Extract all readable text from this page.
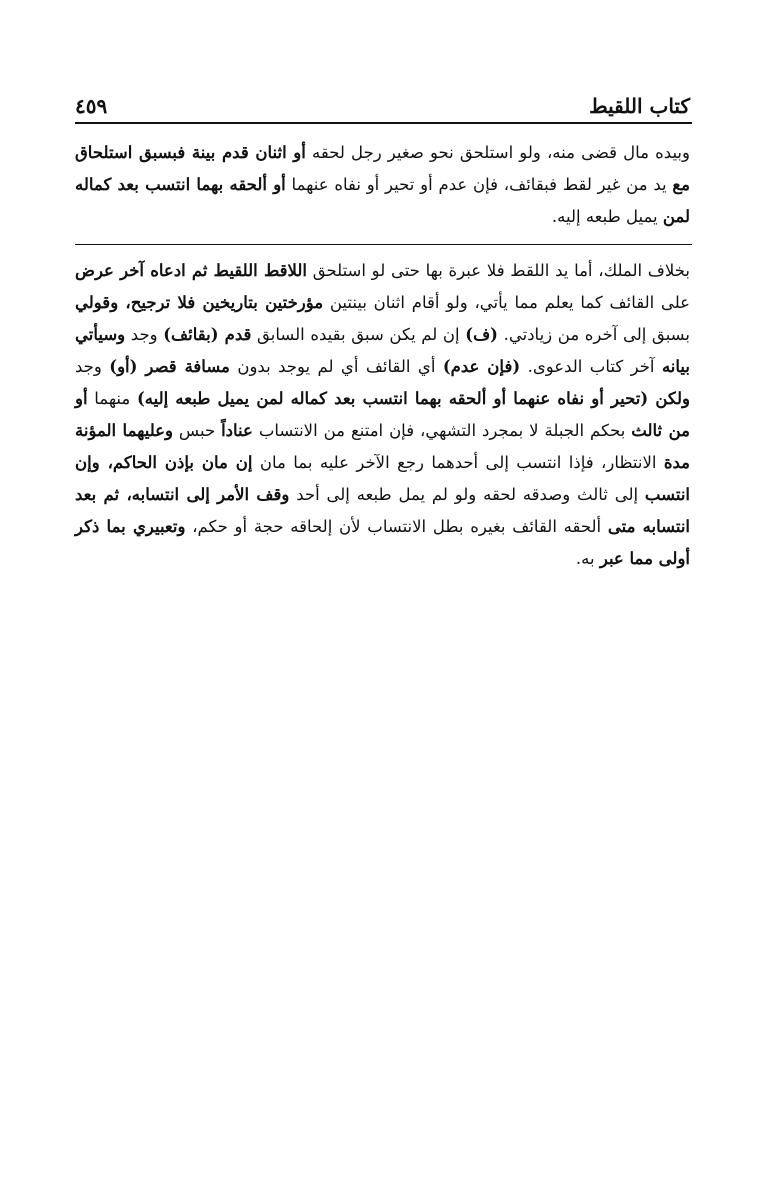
كتاب اللقيط
٤٥٩
وبيده مال قضى منه، ولو استلحق نحو صغير رجل لحقه أو اثنان قدم بينة فبسبق استلحاق مع يد من غير لقط فبقائف، فإن عدم أو تحير أو نفاه عنهما أو ألحقه بهما انتسب بعد كماله لمن يميل طبعه إليه.
بخلاف الملك، أما يد اللقط فلا عبرة بها حتى لو استلحق اللاقط اللقيط ثم ادعاه آخر عرض على القائف كما يعلم مما يأتي، ولو أقام اثنان بينتين مؤرختين بتاريخين فلا ترجيح، وقولي بسبق إلى آخره من زيادتي. (ف) إن لم يكن سبق بقيده السابق قدم (بقائف) وجد وسيأتي بيانه آخر كتاب الدعوى. (فإن عدم) أي القائف أي لم يوجد بدون مسافة قصر (أو) وجد ولكن (تحير أو نفاه عنهما أو ألحقه بهما انتسب بعد كماله لمن يميل طبعه إليه) منهما أو من ثالث بحكم الجبلة لا بمجرد التشهي، فإن امتنع من الانتساب عناداً حبس وعليهما المؤنة مدة الانتظار، فإذا انتسب إلى أحدهما رجع الآخر عليه بما مان إن مان بإذن الحاكم، وإن انتسب إلى ثالث وصدقه لحقه ولو لم يمل طبعه إلى أحد وقف الأمر إلى انتسابه، ثم بعد انتسابه متى ألحقه القائف بغيره بطل الانتساب لأن إلحاقه حجة أو حكم، وتعبيري بما ذكر أولى مما عبر به.
